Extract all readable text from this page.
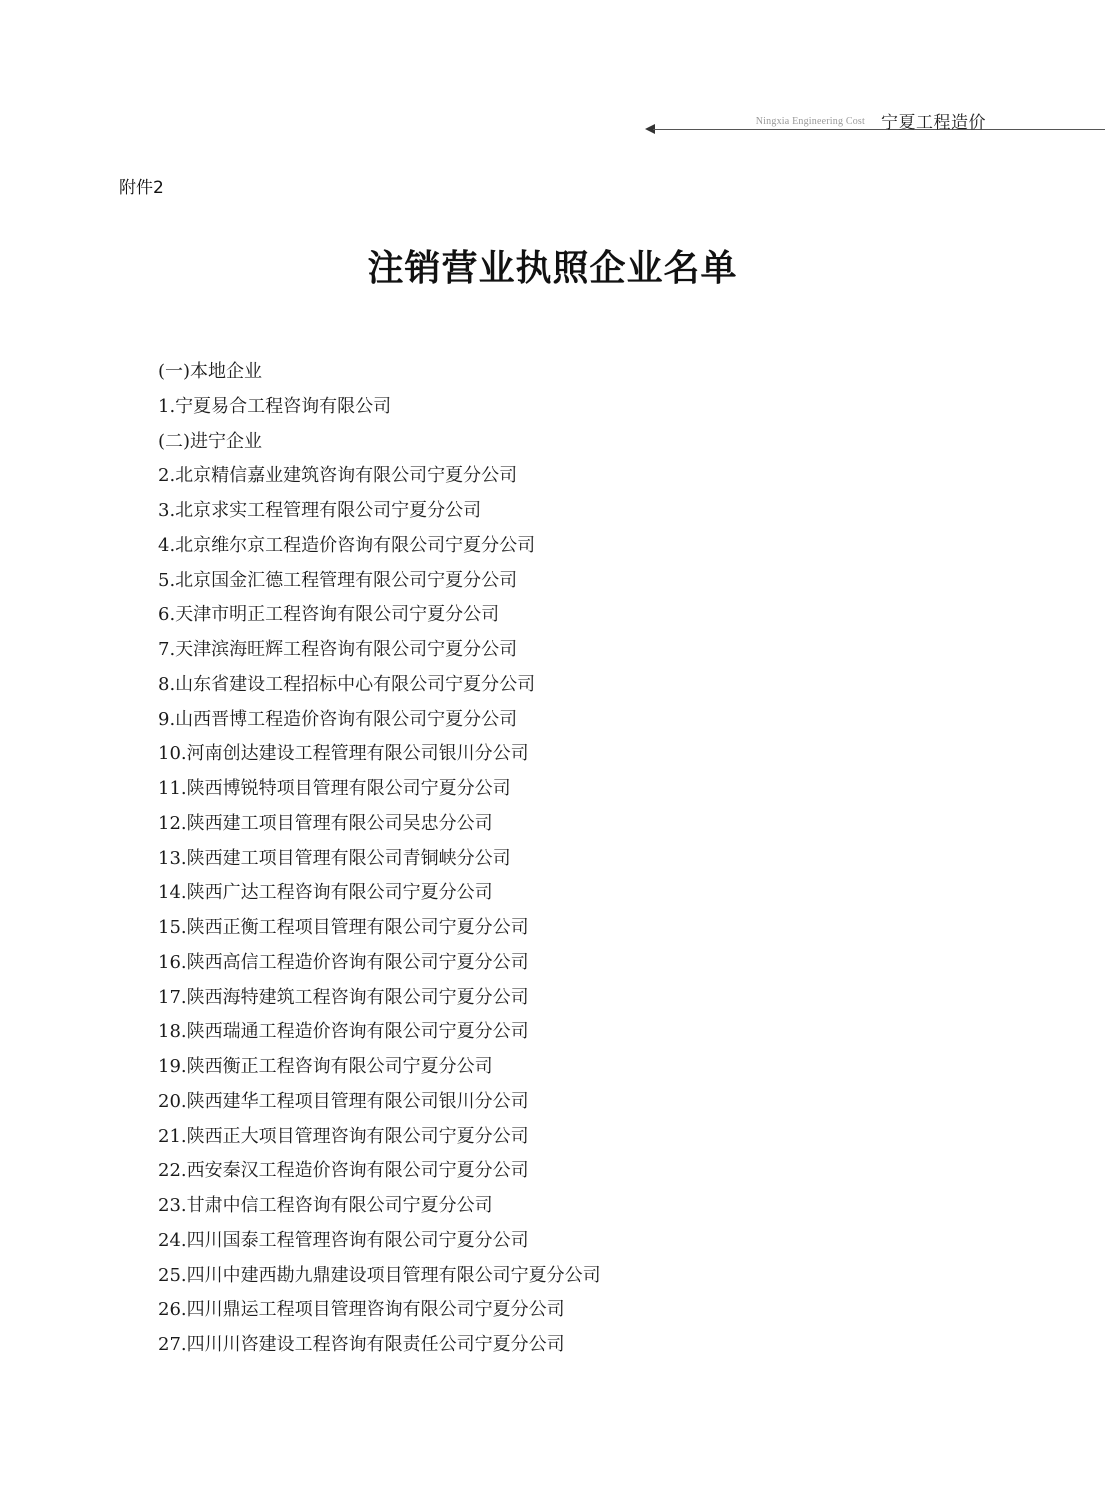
Ningxia Engineering Cost 宁夏工程造价
附件2
注销营业执照企业名单
(一)本地企业
1.宁夏易合工程咨询有限公司
(二)进宁企业
2.北京精信嘉业建筑咨询有限公司宁夏分公司
3.北京求实工程管理有限公司宁夏分公司
4.北京维尔京工程造价咨询有限公司宁夏分公司
5.北京国金汇德工程管理有限公司宁夏分公司
6.天津市明正工程咨询有限公司宁夏分公司
7.天津滨海旺辉工程咨询有限公司宁夏分公司
8.山东省建设工程招标中心有限公司宁夏分公司
9.山西晋博工程造价咨询有限公司宁夏分公司
10.河南创达建设工程管理有限公司银川分公司
11.陕西博锐特项目管理有限公司宁夏分公司
12.陕西建工项目管理有限公司吴忠分公司
13.陕西建工项目管理有限公司青铜峡分公司
14.陕西广达工程咨询有限公司宁夏分公司
15.陕西正衡工程项目管理有限公司宁夏分公司
16.陕西高信工程造价咨询有限公司宁夏分公司
17.陕西海特建筑工程咨询有限公司宁夏分公司
18.陕西瑞通工程造价咨询有限公司宁夏分公司
19.陕西衡正工程咨询有限公司宁夏分公司
20.陕西建华工程项目管理有限公司银川分公司
21.陕西正大项目管理咨询有限公司宁夏分公司
22.西安秦汉工程造价咨询有限公司宁夏分公司
23.甘肃中信工程咨询有限公司宁夏分公司
24.四川国泰工程管理咨询有限公司宁夏分公司
25.四川中建西勘九鼎建设项目管理有限公司宁夏分公司
26.四川鼎运工程项目管理咨询有限公司宁夏分公司
27.四川川咨建设工程咨询有限责任公司宁夏分公司
